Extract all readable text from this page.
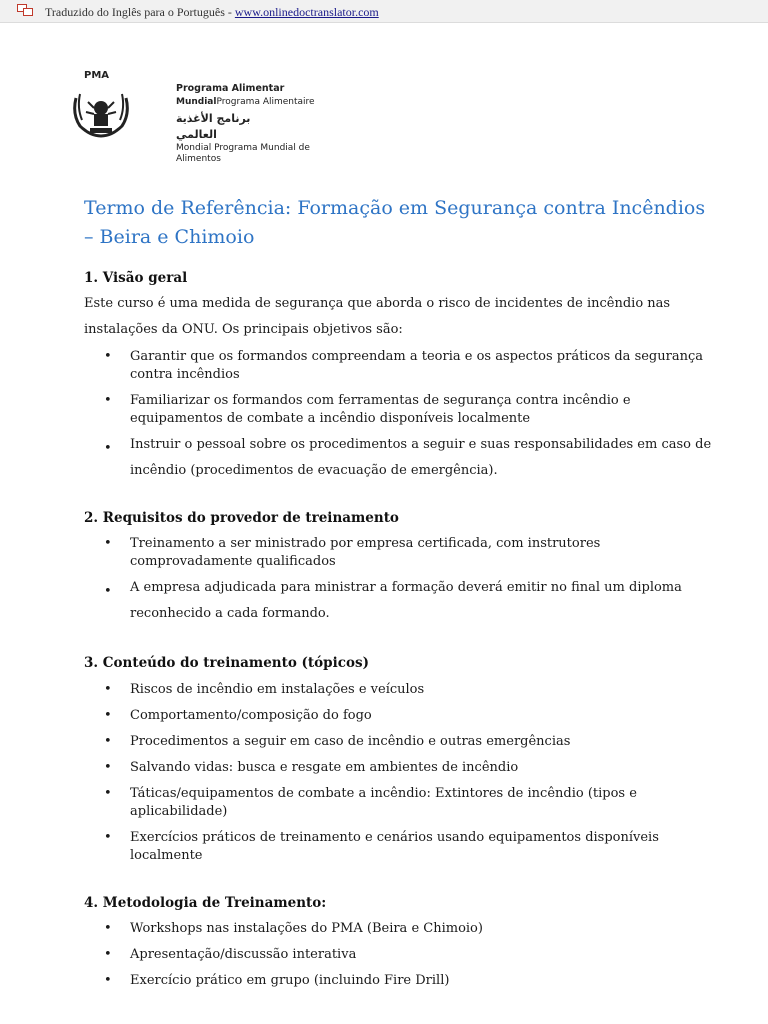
Traduzido do Inglês para o Português - www.onlinedoctranslator.com
PMA
Programa Alimentar
MundialPrograma Alimentaire
برنامج الأغذية العالمي
Mondial Programa Mundial de Alimentos
Termo de Referência: Formação em Segurança contra Incêndios – Beira e Chimoio
1. Visão geral
Este curso é uma medida de segurança que aborda o risco de incidentes de incêndio nas instalações da ONU. Os principais objetivos são:
• Garantir que os formandos compreendam a teoria e os aspectos práticos da segurança contra incêndios
• Familiarizar os formandos com ferramentas de segurança contra incêndio e equipamentos de combate a incêndio disponíveis localmente
• Instruir o pessoal sobre os procedimentos a seguir e suas responsabilidades em caso de incêndio (procedimentos de evacuação de emergência).
2. Requisitos do provedor de treinamento
• Treinamento a ser ministrado por empresa certificada, com instrutores comprovadamente qualificados
• A empresa adjudicada para ministrar a formação deverá emitir no final um diploma reconhecido a cada formando.
3. Conteúdo do treinamento (tópicos)
• Riscos de incêndio em instalações e veículos
• Comportamento/composição do fogo
• Procedimentos a seguir em caso de incêndio e outras emergências
• Salvando vidas: busca e resgate em ambientes de incêndio
• Táticas/equipamentos de combate a incêndio: Extintores de incêndio (tipos e aplicabilidade)
• Exercícios práticos de treinamento e cenários usando equipamentos disponíveis localmente
4. Metodologia de Treinamento:
• Workshops nas instalações do PMA (Beira e Chimoio)
• Apresentação/discussão interativa
• Exercício prático em grupo (incluindo Fire Drill)
